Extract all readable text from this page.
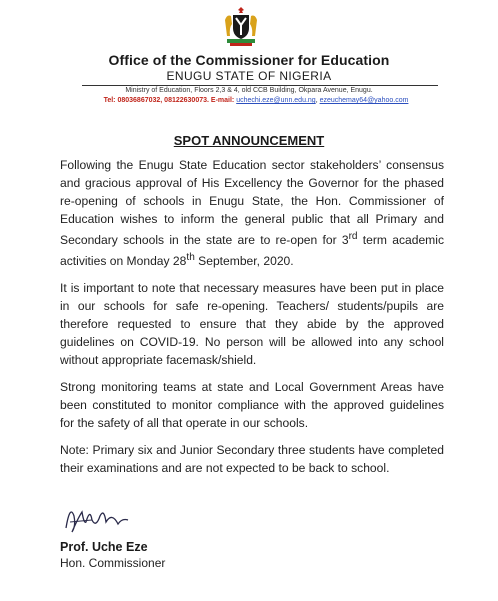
Office of the Commissioner for Education
ENUGU STATE OF NIGERIA
Ministry of Education, Floors 2,3 & 4, old CCB Building, Okpara Avenue, Enugu.
Tel: 08036867032, 08122630073. E-mail: uchechi.eze@unn.edu.ng, ezeuchemay64@yahoo.com
SPOT ANNOUNCEMENT

Following the Enugu State Education sector stakeholders’ consensus and gracious approval of His Excellency the Governor for the phased re-opening of schools in Enugu State, the Hon. Commissioner of Education wishes to inform the general public that all Primary and Secondary schools in the state are to re-open for 3rd term academic activities on Monday 28th September, 2020.

It is important to note that necessary measures have been put in place in our schools for safe re-opening. Teachers/ students/pupils are therefore requested to ensure that they abide by the approved guidelines on COVID-19. No person will be allowed into any school without appropriate facemask/shield.

Strong monitoring teams at state and Local Government Areas have been constituted to monitor compliance with the approved guidelines for the safety of all that operate in our schools.

Note: Primary six and Junior Secondary three students have completed their examinations and are not expected to be back to school.

Prof. Uche Eze
Hon. Commissioner
